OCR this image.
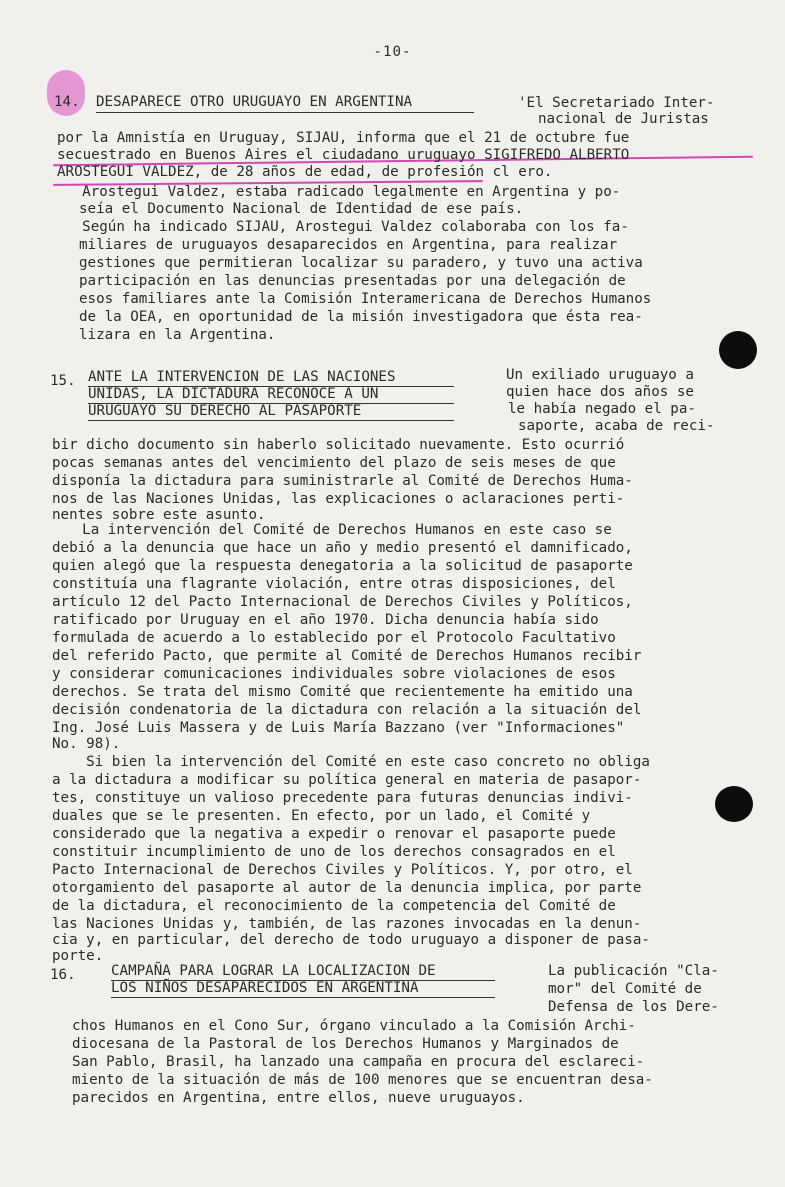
-10-
14. DESAPARECE OTRO URUGUAYO EN ARGENTINA	'El Secretariado Inter-
nacional de Juristas
por la Amnistía en Uruguay, SIJAU, informa que el 21 de octubre fue
secuestrado en Buenos Aires el ciudadano uruguayo SIGIFREDO ALBERTO
AROSTEGUI VALDEZ, de 28 años de edad, de profesión cl ero.
Arostegui Valdez, estaba radicado legalmente en Argentina y po-
seía el Documento Nacional de Identidad de ese país.
Según ha indicado SIJAU, Arostegui Valdez colaboraba con los fa-
miliares de uruguayos desaparecidos en Argentina, para realizar
gestiones que permitieran localizar su paradero, y tuvo una activa
participación en las denuncias presentadas por una delegación de
esos familiares ante la Comisión Interamericana de Derechos Humanos
de la OEA, en oportunidad de la misión investigadora que ésta rea-
lizara en la Argentina.
15. ANTE LA INTERVENCION DE LAS NACIONES
UNIDAS, LA DICTADURA RECONOCE A UN
URUGUAYO SU DERECHO AL PASAPORTE
Un exiliado uruguayo a
quien hace dos años se
le había negado el pa-
saporte, acaba de reci-
bir dicho documento sin haberlo solicitado nuevamente. Esto ocurrió
pocas semanas antes del vencimiento del plazo de seis meses de que
disponía la dictadura para suministrarle al Comité de Derechos Huma-
nos de las Naciones Unidas, las explicaciones o aclaraciones perti-
nentes sobre este asunto.
La intervención del Comité de Derechos Humanos en este caso se
debió a la denuncia que hace un año y medio presentó el damnificado,
quien alegó que la respuesta denegatoria a la solicitud de pasaporte
constituía una flagrante violación, entre otras disposiciones, del
artículo 12 del Pacto Internacional de Derechos Civiles y Políticos,
ratificado por Uruguay en el año 1970. Dicha denuncia había sido
formulada de acuerdo a lo establecido por el Protocolo Facultativo
del referido Pacto, que permite al Comité de Derechos Humanos recibir
y considerar comunicaciones individuales sobre violaciones de esos
derechos. Se trata del mismo Comité que recientemente ha emitido una
decisión condenatoria de la dictadura con relación a la situación del
Ing. José Luis Massera y de Luis María Bazzano (ver "Informaciones"
No. 98).
Si bien la intervención del Comité en este caso concreto no obliga
a la dictadura a modificar su política general en materia de pasapor-
tes, constituye un valioso precedente para futuras denuncias indivi-
duales que se le presenten. En efecto, por un lado, el Comité y
considerado que la negativa a expedir o renovar el pasaporte puede
constituir incumplimiento de uno de los derechos consagrados en el
Pacto Internacional de Derechos Civiles y Políticos. Y, por otro, el
otorgamiento del pasaporte al autor de la denuncia implica, por parte
de la dictadura, el reconocimiento de la competencia del Comité de
las Naciones Unidas y, también, de las razones invocadas en la denun-
cia y, en particular, del derecho de todo uruguayo a disponer de pasa-
porte.
16. CAMPAÑA PARA LOGRAR LA LOCALIZACION DE
LOS NIÑOS DESAPARECIDOS EN ARGENTINA
La publicación "Cla-
mor" del Comité de
Defensa de los Dere-
chos Humanos en el Cono Sur, órgano vinculado a la Comisión Archi-
diocesana de la Pastoral de los Derechos Humanos y Marginados de
San Pablo, Brasil, ha lanzado una campaña en procura del esclareci-
miento de la situación de más de 100 menores que se encuentran desa-
parecidos en Argentina, entre ellos, nueve uruguayos.
